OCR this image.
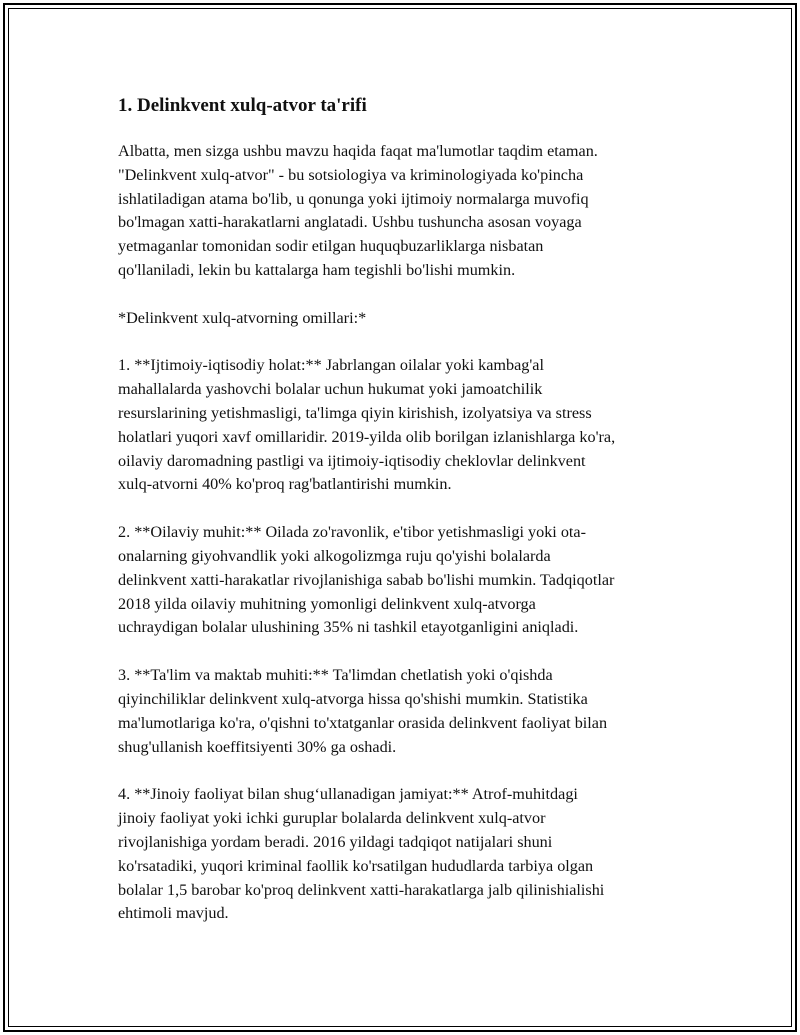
1. Delinkvent xulq-atvor ta'rifi

Albatta, men sizga ushbu mavzu haqida faqat ma'lumotlar taqdim etaman.
"Delinkvent xulq-atvor" - bu sotsiologiya va kriminologiyada ko'pincha
ishlatiladigan atama bo'lib, u qonunga yoki ijtimoiy normalarga muvofiq
bo'lmagan xatti-harakatlarni anglatadi. Ushbu tushuncha asosan voyaga
yetmaganlar tomonidan sodir etilgan huquqbuzarliklarga nisbatan
qo'llaniladi, lekin bu kattalarga ham tegishli bo'lishi mumkin.

*Delinkvent xulq-atvorning omillari:*

1. **Ijtimoiy-iqtisodiy holat:** Jabrlangan oilalar yoki kambag'al
mahallalarda yashovchi bolalar uchun hukumat yoki jamoatchilik
resurslarining yetishmasligi, ta'limga qiyin kirishish, izolyatsiya va stress
holatlari yuqori xavf omillaridir. 2019-yilda olib borilgan izlanishlarga ko'ra,
oilaviy daromadning pastligi va ijtimoiy-iqtisodiy cheklovlar delinkvent
xulq-atvorni 40% ko'proq rag'batlantirishi mumkin.

2. **Oilaviy muhit:** Oilada zo'ravonlik, e'tibor yetishmasligi yoki ota-
onalarning giyohvandlik yoki alkogolizmga ruju qo'yishi bolalarda
delinkvent xatti-harakatlar rivojlanishiga sabab bo'lishi mumkin. Tadqiqotlar
2018 yilda oilaviy muhitning yomonligi delinkvent xulq-atvorga
uchraydigan bolalar ulushining 35% ni tashkil etayotganligini aniqladi.

3. **Ta'lim va maktab muhiti:** Ta'limdan chetlatish yoki o'qishda
qiyinchiliklar delinkvent xulq-atvorga hissa qo'shishi mumkin. Statistika
ma'lumotlariga ko'ra, o'qishni to'xtatganlar orasida delinkvent faoliyat bilan
shug'ullanish koeffitsiyenti 30% ga oshadi.

4. **Jinoiy faoliyat bilan shug‘ullanadigan jamiyat:** Atrof-muhitdagi
jinoiy faoliyat yoki ichki guruplar bolalarda delinkvent xulq-atvor
rivojlanishiga yordam beradi. 2016 yildagi tadqiqot natijalari shuni
ko'rsatadiki, yuqori kriminal faollik ko'rsatilgan hududlarda tarbiya olgan
bolalar 1,5 barobar ko'proq delinkvent xatti-harakatlarga jalb qilinishialishi
ehtimoli mavjud.
